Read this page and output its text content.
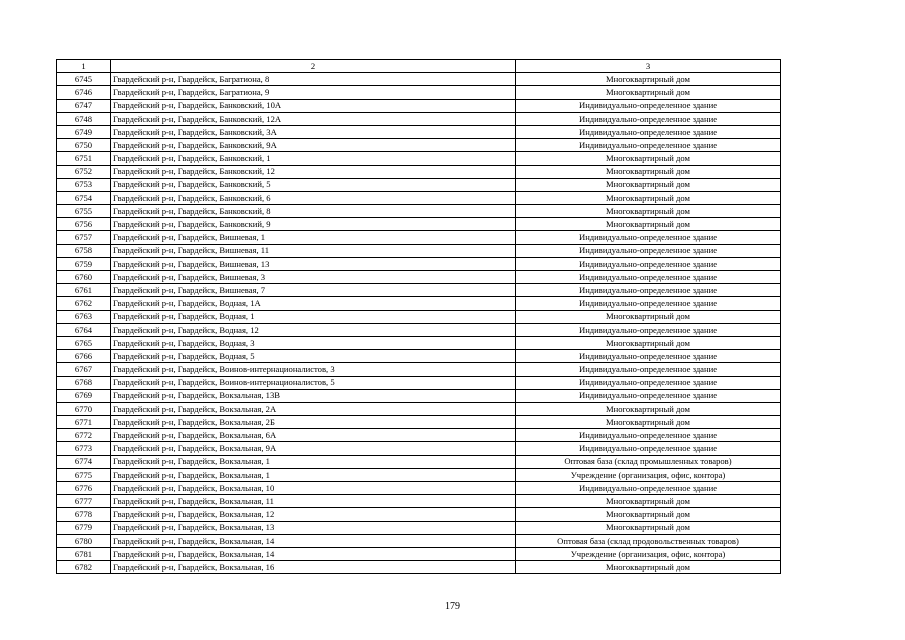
1	2	3
6745	Гвардейский р-н, Гвардейск, Багратиона, 8	Многоквартирный дом
6746	Гвардейский р-н, Гвардейск, Багратиона, 9	Многоквартирный дом
6747	Гвардейский р-н, Гвардейск, Банковский, 10А	Индивидуально-определенное здание
6748	Гвардейский р-н, Гвардейск, Банковский, 12А	Индивидуально-определенное здание
6749	Гвардейский р-н, Гвардейск, Банковский, 3А	Индивидуально-определенное здание
6750	Гвардейский р-н, Гвардейск, Банковский, 9А	Индивидуально-определенное здание
6751	Гвардейский р-н, Гвардейск, Банковский, 1	Многоквартирный дом
6752	Гвардейский р-н, Гвардейск, Банковский, 12	Многоквартирный дом
6753	Гвардейский р-н, Гвардейск, Банковский, 5	Многоквартирный дом
6754	Гвардейский р-н, Гвардейск, Банковский, 6	Многоквартирный дом
6755	Гвардейский р-н, Гвардейск, Банковский, 8	Многоквартирный дом
6756	Гвардейский р-н, Гвардейск, Банковский, 9	Многоквартирный дом
6757	Гвардейский р-н, Гвардейск, Вишневая, 1	Индивидуально-определенное здание
6758	Гвардейский р-н, Гвардейск, Вишневая, 11	Индивидуально-определенное здание
6759	Гвардейский р-н, Гвардейск, Вишневая, 13	Индивидуально-определенное здание
6760	Гвардейский р-н, Гвардейск, Вишневая, 3	Индивидуально-определенное здание
6761	Гвардейский р-н, Гвардейск, Вишневая, 7	Индивидуально-определенное здание
6762	Гвардейский р-н, Гвардейск, Водная, 1А	Индивидуально-определенное здание
6763	Гвардейский р-н, Гвардейск, Водная, 1	Многоквартирный дом
6764	Гвардейский р-н, Гвардейск, Водная, 12	Индивидуально-определенное здание
6765	Гвардейский р-н, Гвардейск, Водная, 3	Многоквартирный дом
6766	Гвардейский р-н, Гвардейск, Водная, 5	Индивидуально-определенное здание
6767	Гвардейский р-н, Гвардейск, Воинов-интернационалистов, 3	Индивидуально-определенное здание
6768	Гвардейский р-н, Гвардейск, Воинов-интернационалистов, 5	Индивидуально-определенное здание
6769	Гвардейский р-н, Гвардейск, Вокзальная, 13В	Индивидуально-определенное здание
6770	Гвардейский р-н, Гвардейск, Вокзальная, 2А	Многоквартирный дом
6771	Гвардейский р-н, Гвардейск, Вокзальная, 2Б	Многоквартирный дом
6772	Гвардейский р-н, Гвардейск, Вокзальная, 6А	Индивидуально-определенное здание
6773	Гвардейский р-н, Гвардейск, Вокзальная, 9А	Индивидуально-определенное здание
6774	Гвардейский р-н, Гвардейск, Вокзальная, 1	Оптовая база (склад промышленных товаров)
6775	Гвардейский р-н, Гвардейск, Вокзальная, 1	Учреждение (организация, офис, контора)
6776	Гвардейский р-н, Гвардейск, Вокзальная, 10	Индивидуально-определенное здание
6777	Гвардейский р-н, Гвардейск, Вокзальная, 11	Многоквартирный дом
6778	Гвардейский р-н, Гвардейск, Вокзальная, 12	Многоквартирный дом
6779	Гвардейский р-н, Гвардейск, Вокзальная, 13	Многоквартирный дом
6780	Гвардейский р-н, Гвардейск, Вокзальная, 14	Оптовая база (склад продовольственных товаров)
6781	Гвардейский р-н, Гвардейск, Вокзальная, 14	Учреждение (организация, офис, контора)
6782	Гвардейский р-н, Гвардейск, Вокзальная, 16	Многоквартирный дом
179
